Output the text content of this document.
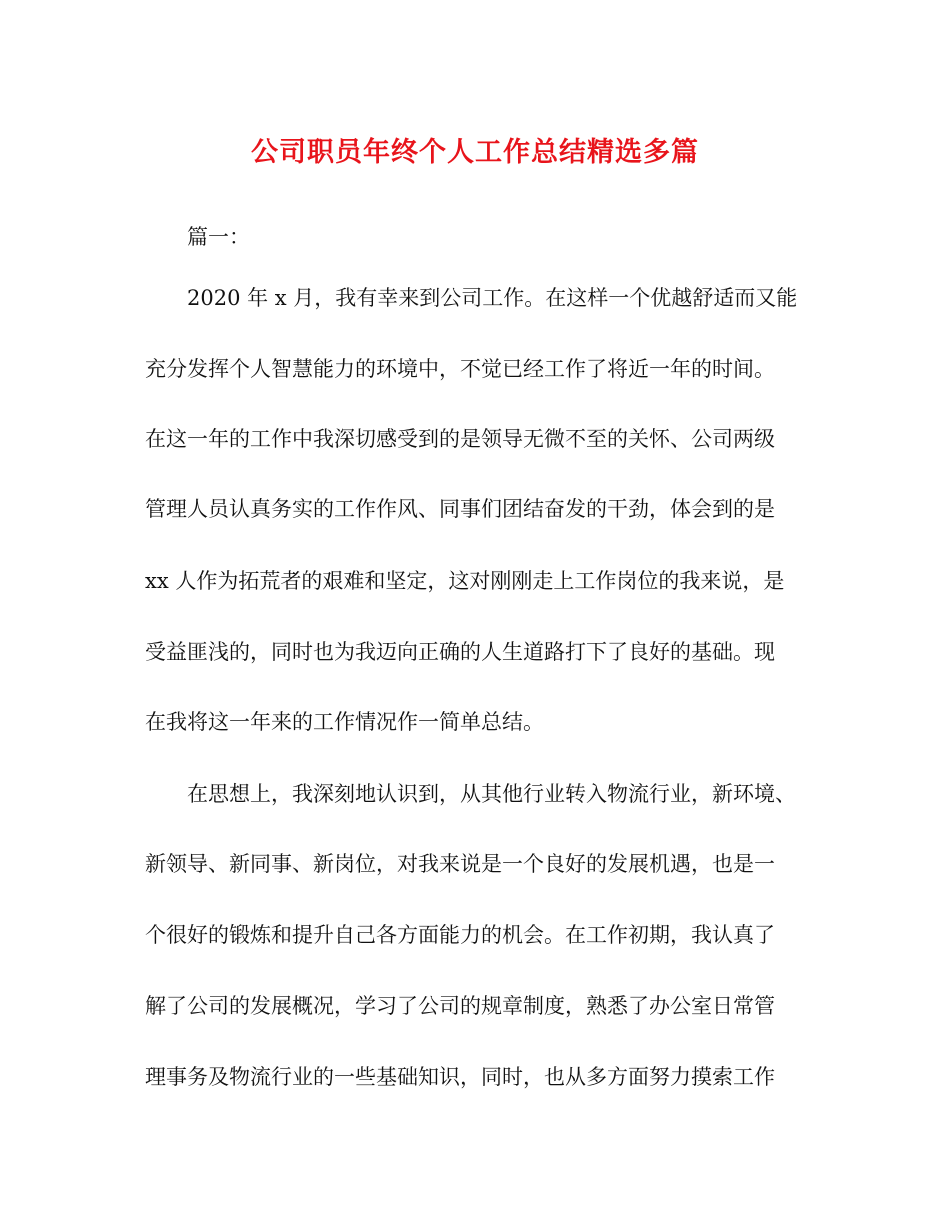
公司职员年终个人工作总结精选多篇
篇一：
2020 年 x 月，我有幸来到公司工作。在这样一个优越舒适而又能
充分发挥个人智慧能力的环境中，不觉已经工作了将近一年的时间。
在这一年的工作中我深切感受到的是领导无微不至的关怀、公司两级
管理人员认真务实的工作作风、同事们团结奋发的干劲，体会到的是
xx 人作为拓荒者的艰难和坚定，这对刚刚走上工作岗位的我来说，是
受益匪浅的，同时也为我迈向正确的人生道路打下了良好的基础。现
在我将这一年来的工作情况作一简单总结。
在思想上，我深刻地认识到，从其他行业转入物流行业，新环境、
新领导、新同事、新岗位，对我来说是一个良好的发展机遇，也是一
个很好的锻炼和提升自己各方面能力的机会。在工作初期，我认真了
解了公司的发展概况，学习了公司的规章制度，熟悉了办公室日常管
理事务及物流行业的一些基础知识，同时，也从多方面努力摸索工作
